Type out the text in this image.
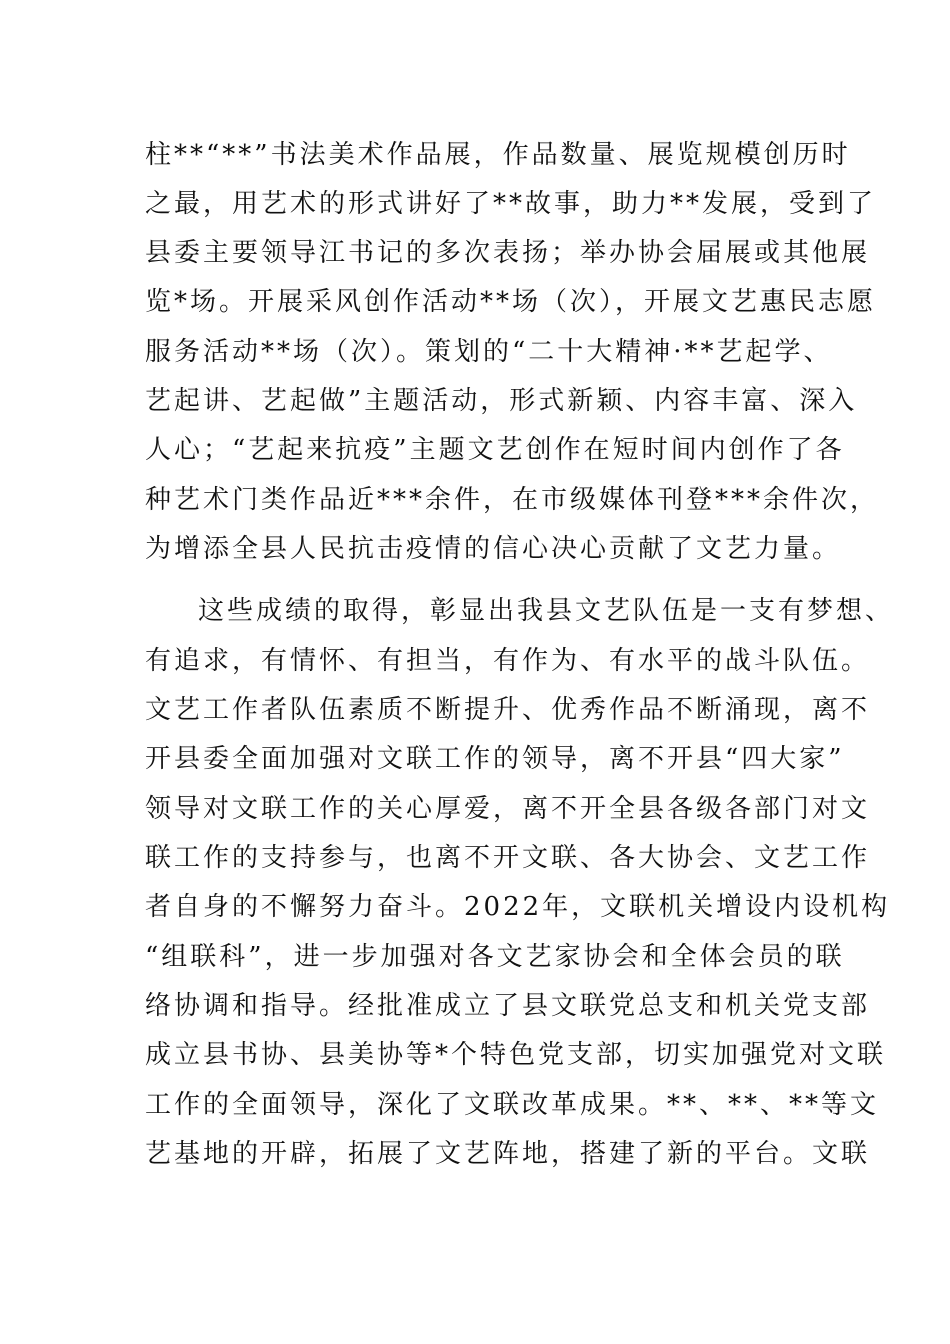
柱**“**”书法美术作品展，作品数量、展览规模创历时
之最，用艺术的形式讲好了**故事，助力**发展，受到了
县委主要领导江书记的多次表扬；举办协会届展或其他展
览*场。开展采风创作活动**场（次），开展文艺惠民志愿
服务活动**场（次）。策划的“二十大精神·**艺起学、
艺起讲、艺起做”主题活动，形式新颖、内容丰富、深入
人心；“艺起来抗疫”主题文艺创作在短时间内创作了各
种艺术门类作品近***余件，在市级媒体刊登***余件次，
为增添全县人民抗击疫情的信心决心贡献了文艺力量。
这些成绩的取得，彰显出我县文艺队伍是一支有梦想、
有追求，有情怀、有担当，有作为、有水平的战斗队伍。
文艺工作者队伍素质不断提升、优秀作品不断涌现，离不
开县委全面加强对文联工作的领导，离不开县“四大家”
领导对文联工作的关心厚爱，离不开全县各级各部门对文
联工作的支持参与，也离不开文联、各大协会、文艺工作
者自身的不懈努力奋斗。2022年，文联机关增设内设机构
“组联科”，进一步加强对各文艺家协会和全体会员的联
络协调和指导。经批准成立了县文联党总支和机关党支部
成立县书协、县美协等*个特色党支部，切实加强党对文联
工作的全面领导，深化了文联改革成果。**、**、**等文
艺基地的开辟，拓展了文艺阵地，搭建了新的平台。文联
